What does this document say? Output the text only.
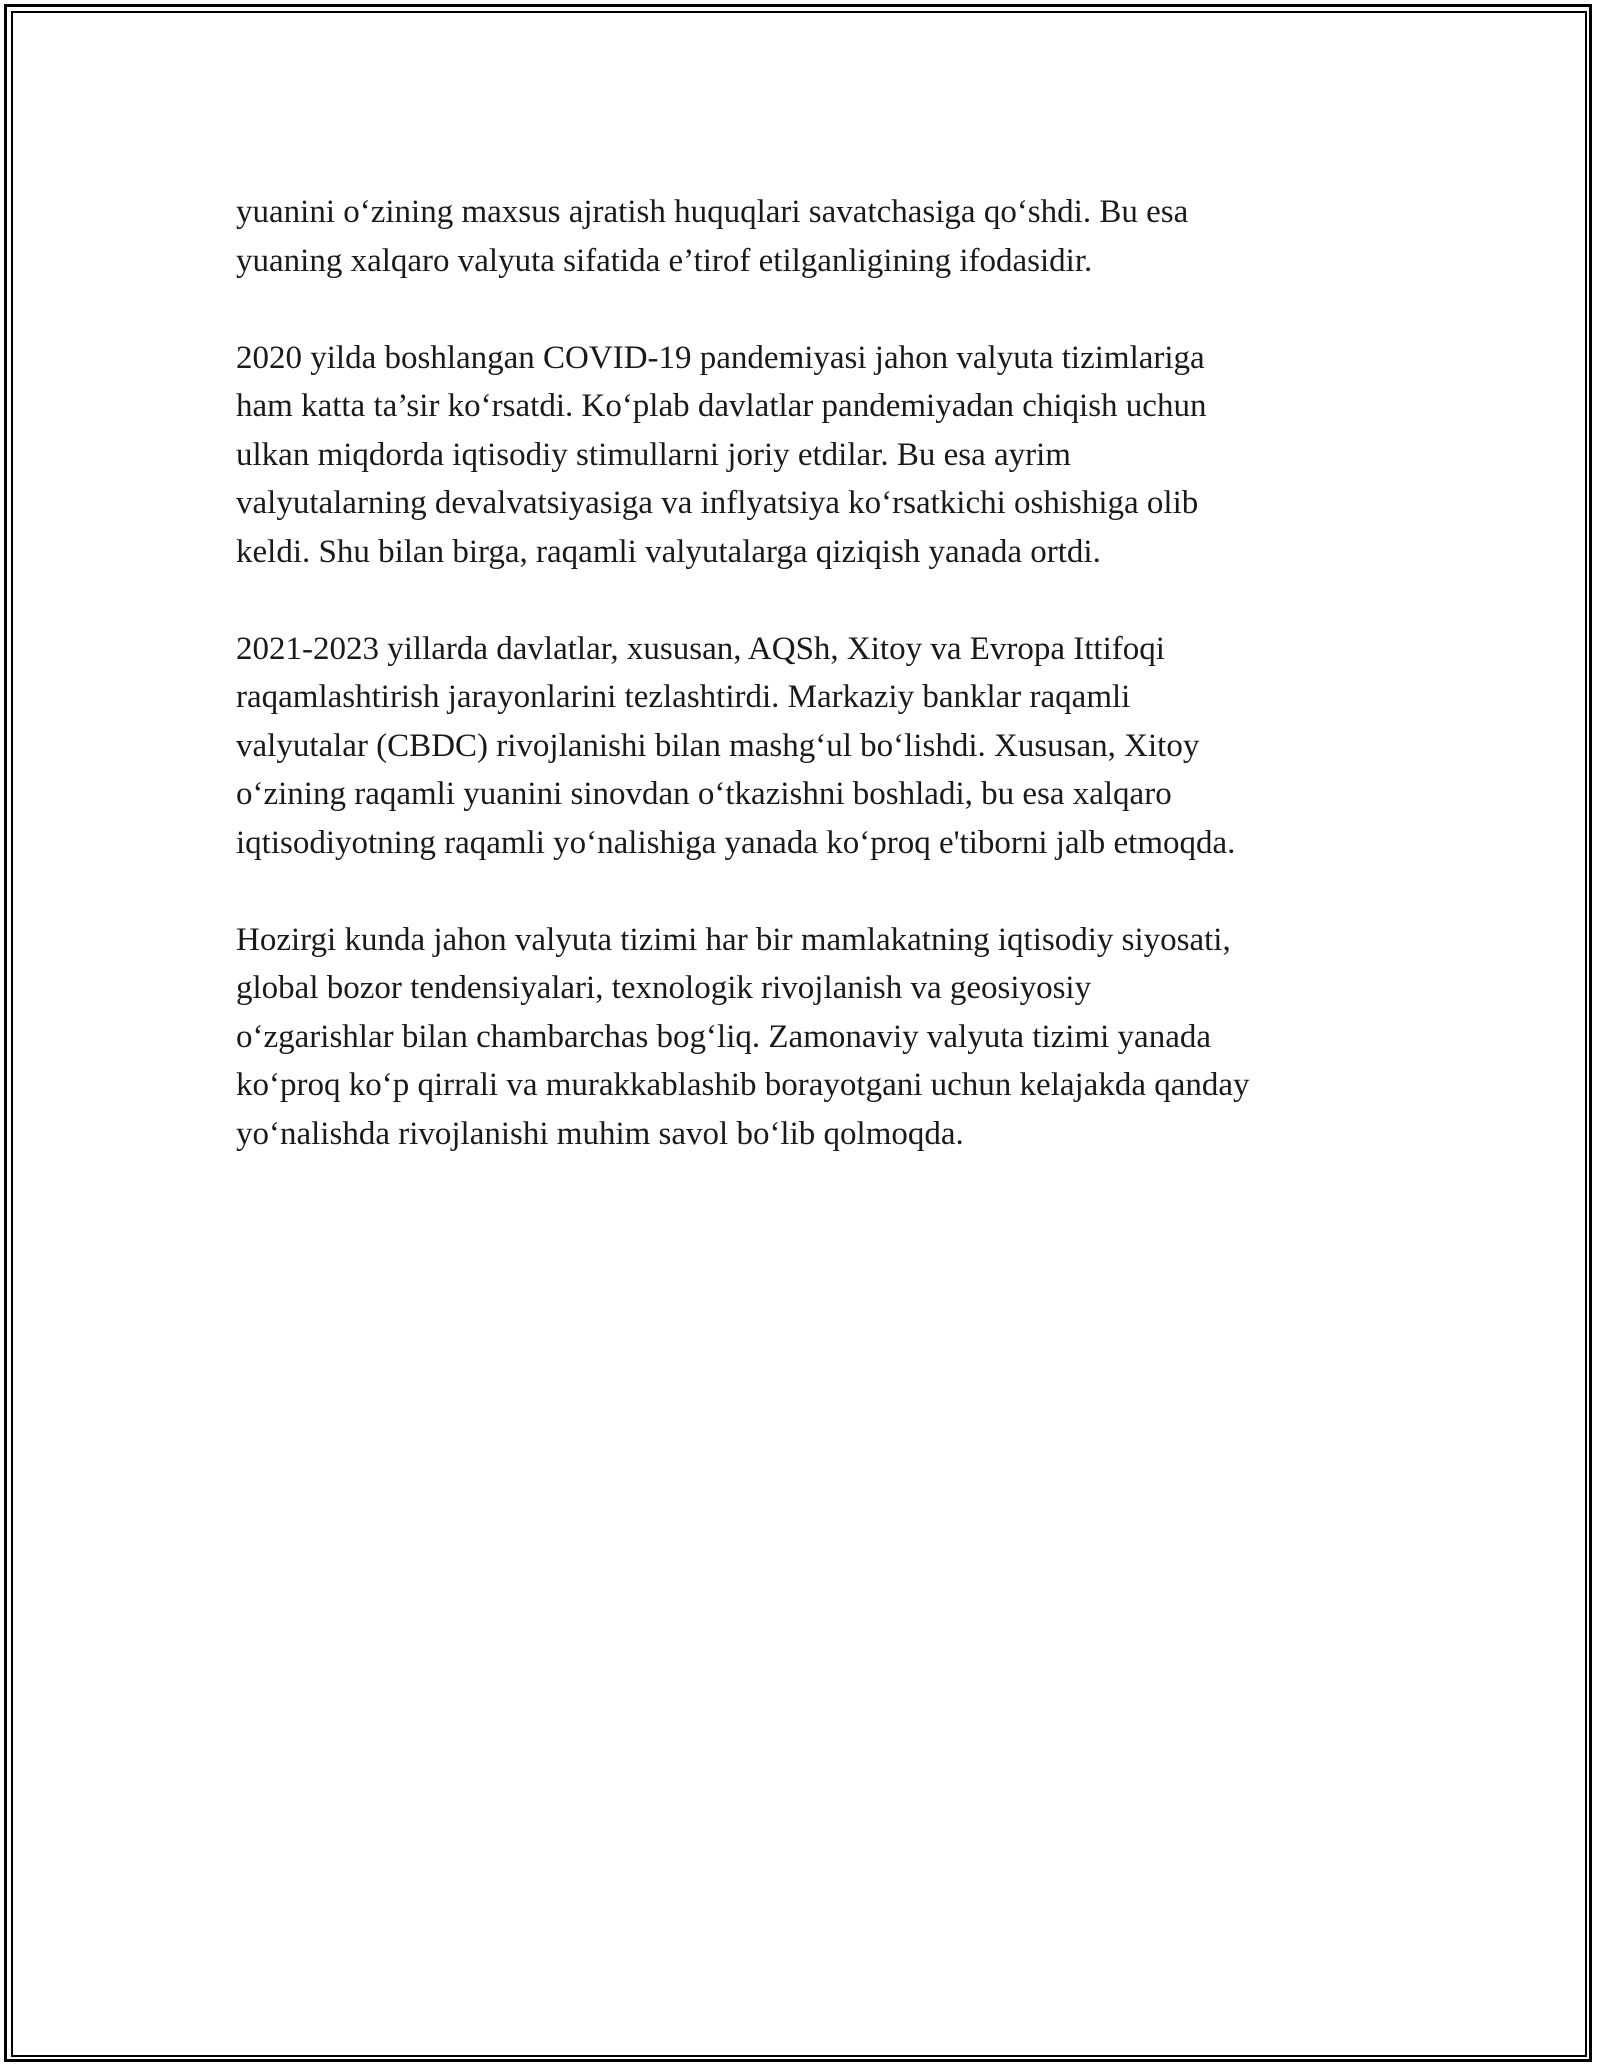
yuanini o‘zining maxsus ajratish huquqlari savatchasiga qo‘shdi. Bu esa
yuaning xalqaro valyuta sifatida e’tirof etilganligining ifodasidir.

2020 yilda boshlangan COVID-19 pandemiyasi jahon valyuta tizimlariga
ham katta ta’sir ko‘rsatdi. Ko‘plab davlatlar pandemiyadan chiqish uchun
ulkan miqdorda iqtisodiy stimullarni joriy etdilar. Bu esa ayrim
valyutalarning devalvatsiyasiga va inflyatsiya ko‘rsatkichi oshishiga olib
keldi. Shu bilan birga, raqamli valyutalarga qiziqish yanada ortdi.

2021-2023 yillarda davlatlar, xususan, AQSh, Xitoy va Evropa Ittifoqi
raqamlashtirish jarayonlarini tezlashtirdi. Markaziy banklar raqamli
valyutalar (CBDC) rivojlanishi bilan mashg‘ul bo‘lishdi. Xususan, Xitoy
o‘zining raqamli yuanini sinovdan o‘tkazishni boshladi, bu esa xalqaro
iqtisodiyotning raqamli yo‘nalishiga yanada ko‘proq e'tiborni jalb etmoqda.

Hozirgi kunda jahon valyuta tizimi har bir mamlakatning iqtisodiy siyosati,
global bozor tendensiyalari, texnologik rivojlanish va geosiyosiy
o‘zgarishlar bilan chambarchas bog‘liq. Zamonaviy valyuta tizimi yanada
ko‘proq ko‘p qirrali va murakkablashib borayotgani uchun kelajakda qanday
yo‘nalishda rivojlanishi muhim savol bo‘lib qolmoqda.
